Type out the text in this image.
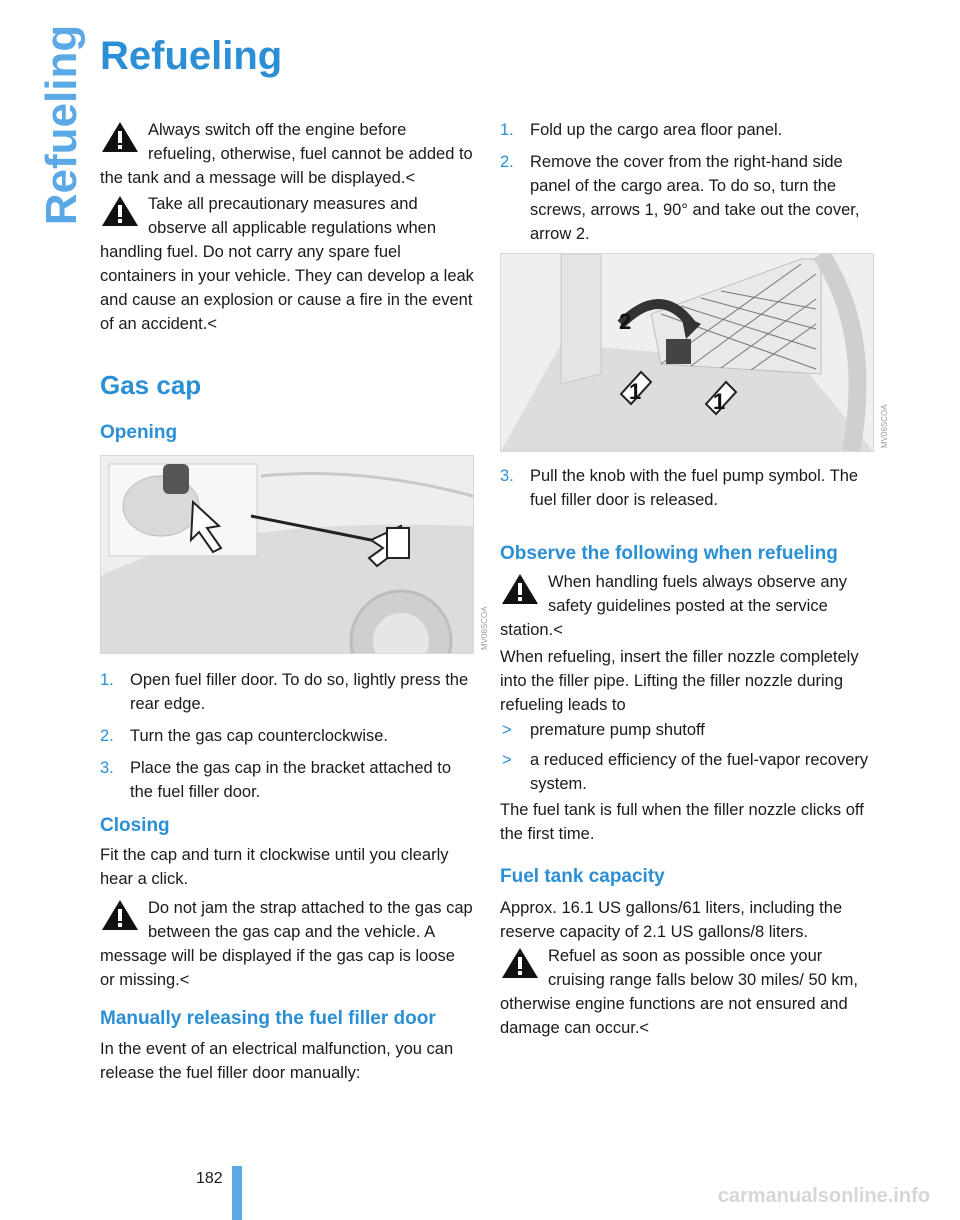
Refueling Refueling

Always switch off the engine before refueling, otherwise, fuel cannot be added to the tank and a message will be displayed.<

Take all precautionary measures and observe all applicable regulations when handling fuel. Do not carry any spare fuel containers in your vehicle. They can develop a leak and cause an explosion or cause a fire in the event of an accident.<

Gas cap
Opening
MV06SCOA
1. Open fuel filler door. To do so, lightly press the rear edge.
2. Turn the gas cap counterclockwise.
3. Place the gas cap in the bracket attached to the fuel filler door.
Closing

Fit the cap and turn it clockwise until you clearly hear a click.

Do not jam the strap attached to the gas cap between the gas cap and the vehicle. A message will be displayed if the gas cap is loose or missing.<

Manually releasing the fuel filler door

In the event of an electrical malfunction, you can release the fuel filler door manually:

1. Fold up the cargo area floor panel.
2. Remove the cover from the right-hand side panel of the cargo area. To do so, turn the screws, arrows 1, 90° and take out the cover, arrow 2.
1	1
2
MV06SCOA
3. Pull the knob with the fuel pump symbol. The fuel filler door is released.
Observe the following when refueling

When handling fuels always observe any safety guidelines posted at the service station.<

When refueling, insert the filler nozzle completely into the filler pipe. Lifting the filler nozzle during refueling leads to

> premature pump shutoff
> a reduced efficiency of the fuel-vapor recovery system.

The fuel tank is full when the filler nozzle clicks off the first time.

Fuel tank capacity

Approx. 16.1 US gallons/61 liters, including the reserve capacity of 2.1 US gallons/8 liters.

Refuel as soon as possible once your cruising range falls below 30 miles/ 50 km, otherwise engine functions are not ensured and damage can occur.<

182
carmanualsonline.info
